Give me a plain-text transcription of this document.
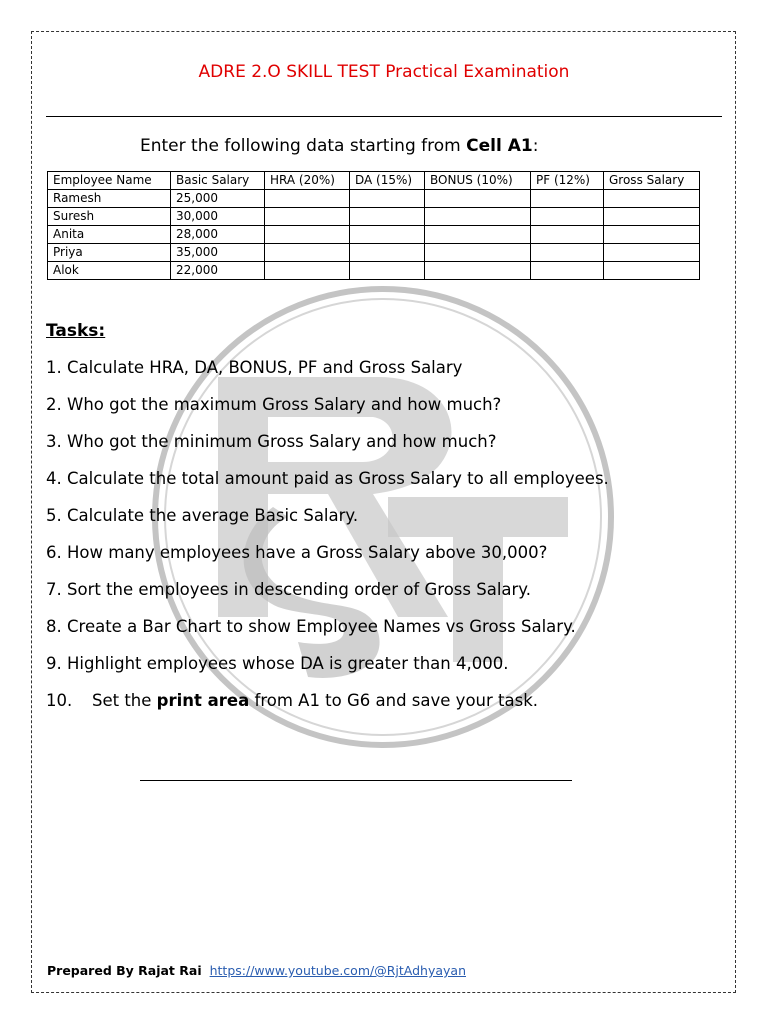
ADRE 2.O SKILL TEST Practical Examination
Enter the following data starting from Cell A1:
Employee Name	Basic Salary	HRA (20%)	DA (15%)	BONUS (10%)	PF (12%)	Gross Salary
Ramesh	25,000					
Suresh	30,000					
Anita	28,000					
Priya	35,000					
Alok	22,000					
Tasks:
1. Calculate HRA, DA, BONUS, PF and Gross Salary
2. Who got the maximum Gross Salary and how much?
3. Who got the minimum Gross Salary and how much?
4. Calculate the total amount paid as Gross Salary to all employees.
5. Calculate the average Basic Salary.
6. How many employees have a Gross Salary above 30,000?
7. Sort the employees in descending order of Gross Salary.
8. Create a Bar Chart to show Employee Names vs Gross Salary.
9. Highlight employees whose DA is greater than 4,000.
10. Set the print area from A1 to G6 and save your task.
Prepared By Rajat Rai https://www.youtube.com/@RjtAdhyayan
